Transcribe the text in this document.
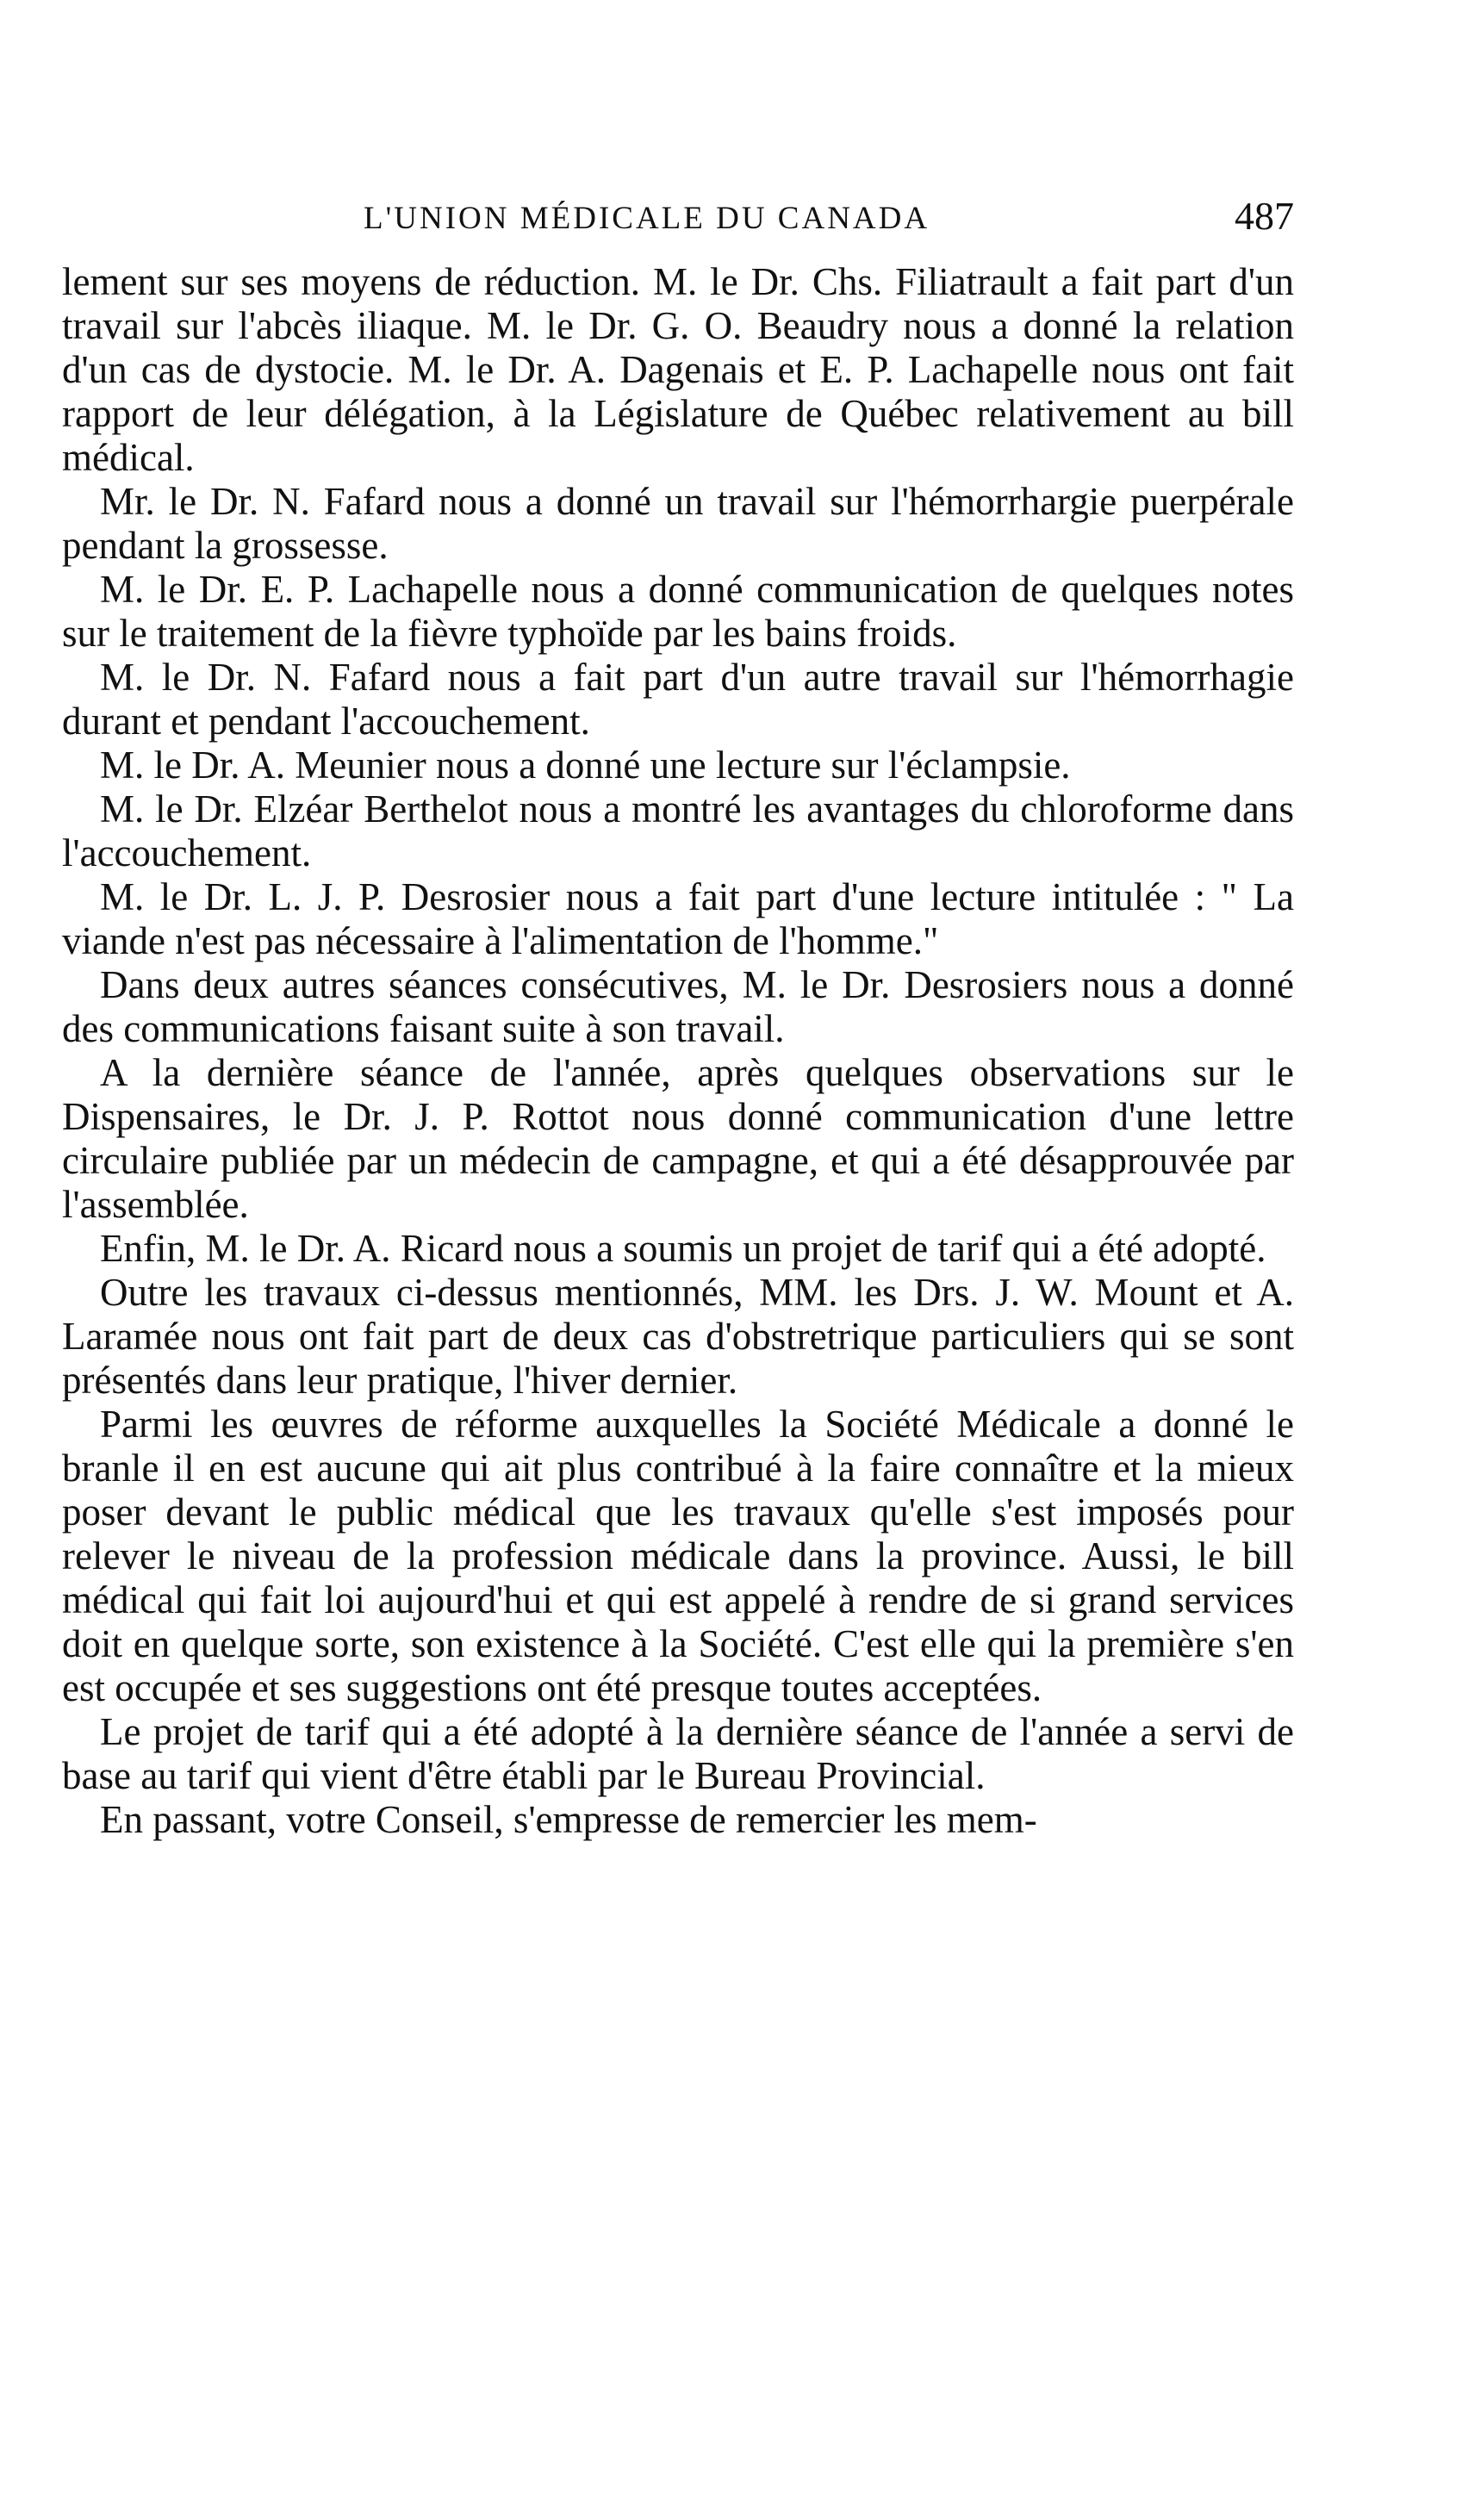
L'UNION MÉDICALE DU CANADA	487

lement sur ses moyens de réduction. M. le Dr. Chs. Filiatrault a fait part d'un travail sur l'abcès iliaque. M. le Dr. G. O. Beaudry nous a donné la relation d'un cas de dystocie. M. le Dr. A. Dagenais et E. P. Lachapelle nous ont fait rapport de leur délégation, à la Législature de Québec relativement au bill médical.

Mr. le Dr. N. Fafard nous a donné un travail sur l'hémorrhargie puerpérale pendant la grossesse.

M. le Dr. E. P. Lachapelle nous a donné communication de quelques notes sur le traitement de la fièvre typhoïde par les bains froids.

M. le Dr. N. Fafard nous a fait part d'un autre travail sur l'hémorrhagie durant et pendant l'accouchement.

M. le Dr. A. Meunier nous a donné une lecture sur l'éclampsie.

M. le Dr. Elzéar Berthelot nous a montré les avantages du chloroforme dans l'accouchement.

M. le Dr. L. J. P. Desrosier nous a fait part d'une lecture intitulée : " La viande n'est pas nécessaire à l'alimentation de l'homme."

Dans deux autres séances consécutives, M. le Dr. Desrosiers nous a donné des communications faisant suite à son travail.

A la dernière séance de l'année, après quelques observations sur le Dispensaires, le Dr. J. P. Rottot nous donné communication d'une lettre circulaire publiée par un médecin de campagne, et qui a été désapprouvée par l'assemblée.

Enfin, M. le Dr. A. Ricard nous a soumis un projet de tarif qui a été adopté.

Outre les travaux ci-dessus mentionnés, MM. les Drs. J. W. Mount et A. Laramée nous ont fait part de deux cas d'obstretrique particuliers qui se sont présentés dans leur pratique, l'hiver dernier.

Parmi les œuvres de réforme auxquelles la Société Médicale a donné le branle il en est aucune qui ait plus contribué à la faire connaître et la mieux poser devant le public médical que les travaux qu'elle s'est imposés pour relever le niveau de la profession médicale dans la province. Aussi, le bill médical qui fait loi aujourd'hui et qui est appelé à rendre de si grand services doit en quelque sorte, son existence à la Société. C'est elle qui la première s'en est occupée et ses suggestions ont été presque toutes acceptées.

Le projet de tarif qui a été adopté à la dernière séance de l'année a servi de base au tarif qui vient d'être établi par le Bureau Provincial.

En passant, votre Conseil, s'empresse de remercier les mem-
